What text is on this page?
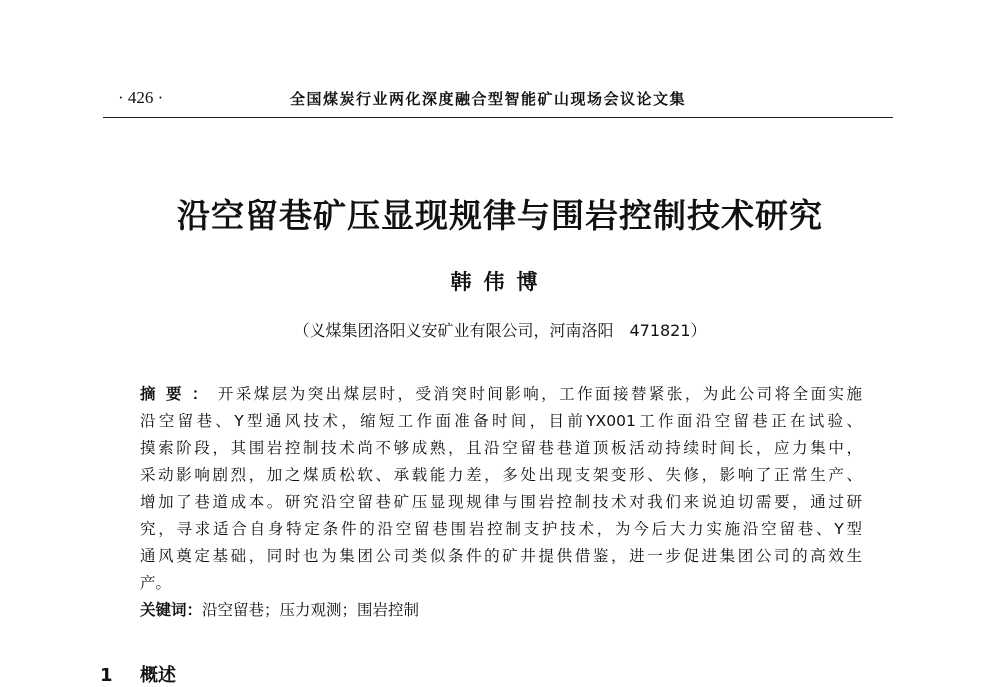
· 426 ·	全国煤炭行业两化深度融合型智能矿山现场会议论文集
沿空留巷矿压显现规律与围岩控制技术研究
韩伟博
（义煤集团洛阳义安矿业有限公司，河南洛阳　471821）
摘要：开采煤层为突出煤层时，受消突时间影响，工作面接替紧张，为此公司将全面实施
沿空留巷、Y型通风技术，缩短工作面准备时间，目前YX001工作面沿空留巷正在试验、
摸索阶段，其围岩控制技术尚不够成熟，且沿空留巷巷道顶板活动持续时间长，应力集中，
采动影响剧烈，加之煤质松软、承载能力差，多处出现支架变形、失修，影响了正常生产、
增加了巷道成本。研究沿空留巷矿压显现规律与围岩控制技术对我们来说迫切需要，通过研
究，寻求适合自身特定条件的沿空留巷围岩控制支护技术，为今后大力实施沿空留巷、Y型
通风奠定基础，同时也为集团公司类似条件的矿井提供借鉴，进一步促进集团公司的高效生
产。
关键词：沿空留巷；压力观测；围岩控制
1 概述
